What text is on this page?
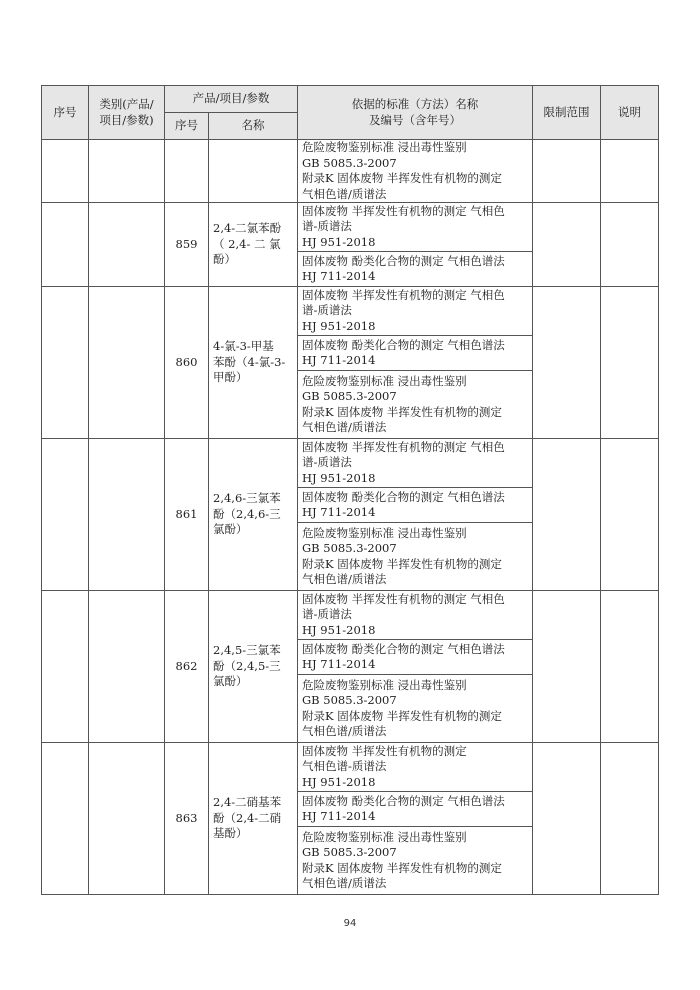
序号	类别(产品/
项目/参数)	产品/项目/参数		依据的标准（方法）名称
及编号（含年号）	限制范围	说明
		序号	名称			

				危险废物鉴别标准 浸出毒性鉴别
GB 5085.3-2007
附录K 固体废物 半挥发性有机物的测定
气相色谱/质谱法		

		859	2,4-二氯苯酚
（ 2,4- 二 氯
酚）	固体废物 半挥发性有机物的测定 气相色
谱-质谱法
HJ 951-2018		

				固体废物 酚类化合物的测定 气相色谱法
HJ 711-2014		

		860	4-氯-3-甲基
苯酚（4-氯-3-
甲酚）	固体废物 半挥发性有机物的测定 气相色
谱-质谱法
HJ 951-2018		

				固体废物 酚类化合物的测定 气相色谱法
HJ 711-2014		

				危险废物鉴别标准 浸出毒性鉴别
GB 5085.3-2007
附录K 固体废物 半挥发性有机物的测定
气相色谱/质谱法		

		861	2,4,6-三氯苯
酚（2,4,6-三
氯酚）	固体废物 半挥发性有机物的测定 气相色
谱-质谱法
HJ 951-2018		

				固体废物 酚类化合物的测定 气相色谱法
HJ 711-2014		

				危险废物鉴别标准 浸出毒性鉴别
GB 5085.3-2007
附录K 固体废物 半挥发性有机物的测定
气相色谱/质谱法		

		862	2,4,5-三氯苯
酚（2,4,5-三
氯酚）	固体废物 半挥发性有机物的测定 气相色
谱-质谱法
HJ 951-2018		

				固体废物 酚类化合物的测定 气相色谱法
HJ 711-2014		

				危险废物鉴别标准 浸出毒性鉴别
GB 5085.3-2007
附录K 固体废物 半挥发性有机物的测定
气相色谱/质谱法		

		863	2,4-二硝基苯
酚（2,4-二硝
基酚）	固体废物 半挥发性有机物的测定
气相色谱-质谱法
HJ 951-2018		

				固体废物 酚类化合物的测定 气相色谱法
HJ 711-2014		

				危险废物鉴别标准 浸出毒性鉴别
GB 5085.3-2007
附录K 固体废物 半挥发性有机物的测定
气相色谱/质谱法		
94
